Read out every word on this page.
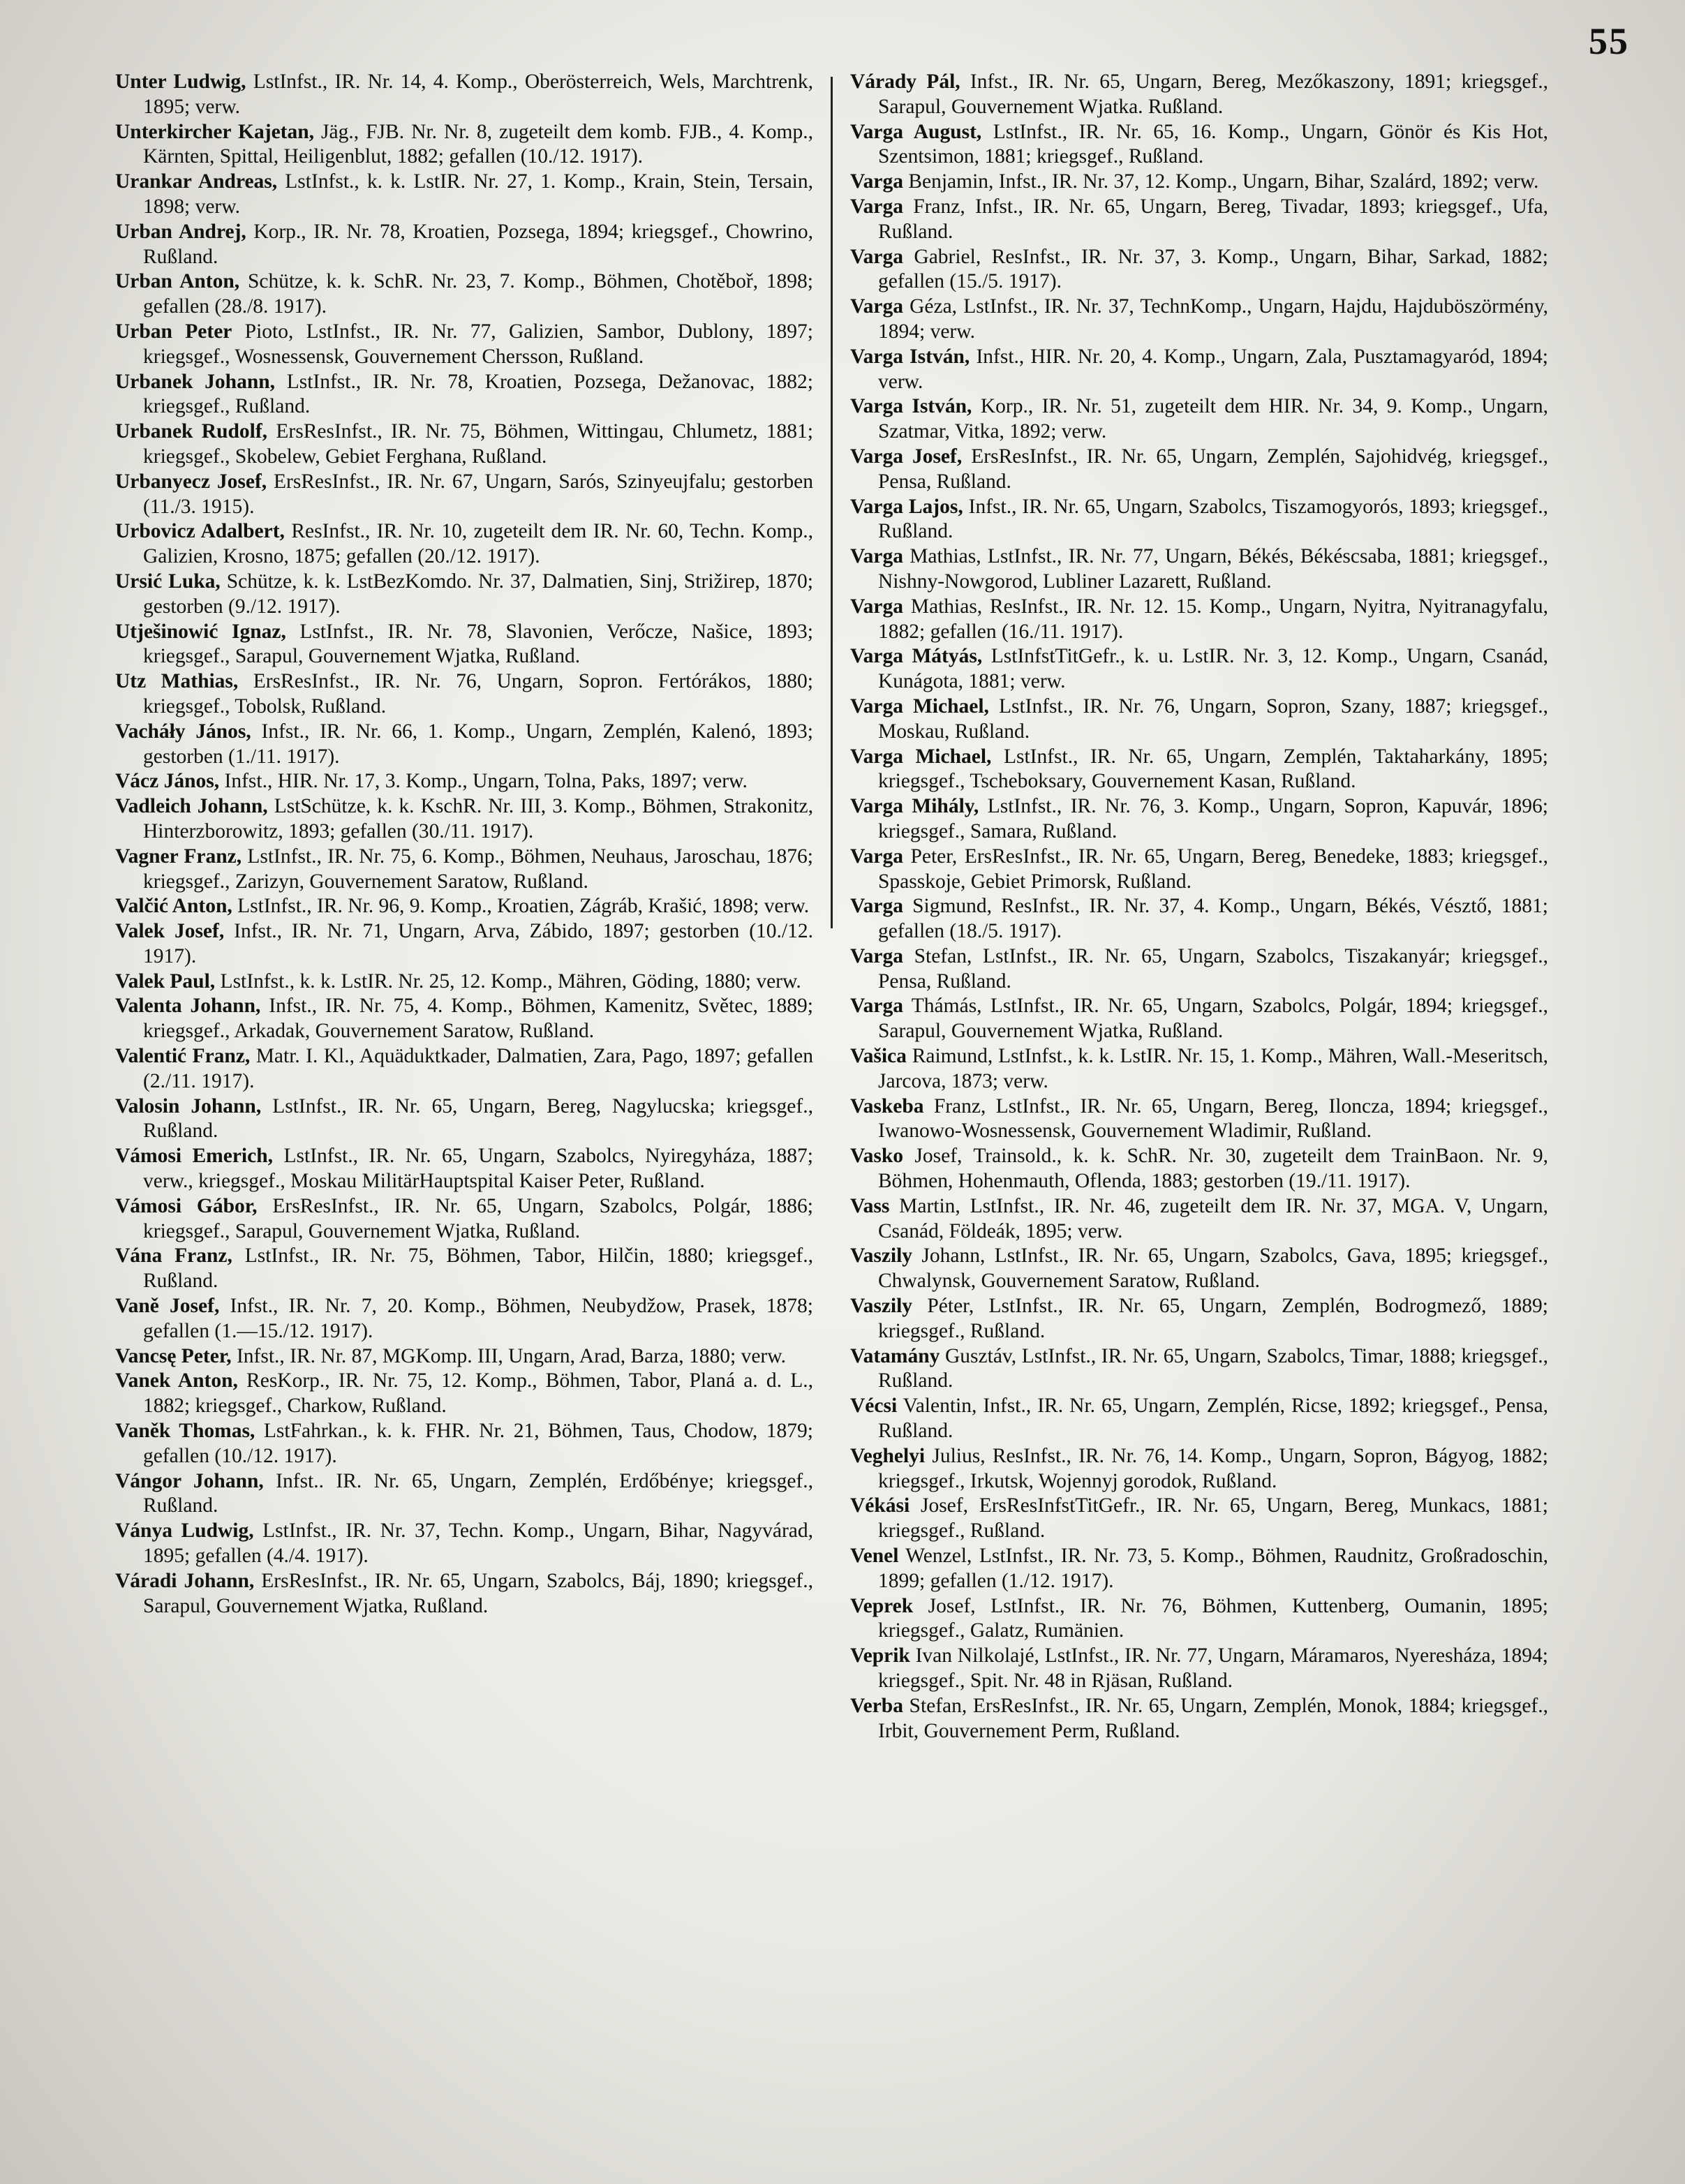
55

Unter Ludwig, LstInfst., IR. Nr. 14, 4. Komp., Oberösterreich, Wels, Marchtrenk, 1895; verw.

Unterkircher Kajetan, Jäg., FJB. Nr. Nr. 8, zugeteilt dem komb. FJB., 4. Komp., Kärnten, Spittal, Heiligenblut, 1882; gefallen (10./12. 1917).

Urankar Andreas, LstInfst., k. k. LstIR. Nr. 27, 1. Komp., Krain, Stein, Tersain, 1898; verw.

Urban Andrej, Korp., IR. Nr. 78, Kroatien, Pozsega, 1894; kriegsgef., Chowrino, Rußland.

Urban Anton, Schütze, k. k. SchR. Nr. 23, 7. Komp., Böhmen, Chotěboř, 1898; gefallen (28./8. 1917).

Urban Peter Pioto, LstInfst., IR. Nr. 77, Galizien, Sambor, Dublony, 1897; kriegsgef., Wosnessensk, Gouvernement Chersson, Rußland.

Urbanek Johann, LstInfst., IR. Nr. 78, Kroatien, Pozsega, Dežanovac, 1882; kriegsgef., Rußland.

Urbanek Rudolf, ErsResInfst., IR. Nr. 75, Böhmen, Wittingau, Chlumetz, 1881; kriegsgef., Skobelew, Gebiet Ferghana, Rußland.

Urbanyecz Josef, ErsResInfst., IR. Nr. 67, Ungarn, Sarós, Szinyeujfalu; gestorben (11./3. 1915).

Urbovicz Adalbert, ResInfst., IR. Nr. 10, zugeteilt dem IR. Nr. 60, Techn. Komp., Galizien, Krosno, 1875; gefallen (20./12. 1917).

Ursić Luka, Schütze, k. k. LstBezKomdo. Nr. 37, Dalmatien, Sinj, Strižirep, 1870; gestorben (9./12. 1917).

Utješinowić Ignaz, LstInfst., IR. Nr. 78, Slavonien, Verőcze, Našice, 1893; kriegsgef., Sarapul, Gouvernement Wjatka, Rußland.

Utz Mathias, ErsResInfst., IR. Nr. 76, Ungarn, Sopron. Fertórákos, 1880; kriegsgef., Tobolsk, Rußland.

Vacháły János, Infst., IR. Nr. 66, 1. Komp., Ungarn, Zemplén, Kalenó, 1893; gestorben (1./11. 1917).

Vácz János, Infst., HIR. Nr. 17, 3. Komp., Ungarn, Tolna, Paks, 1897; verw.

Vadleich Johann, LstSchütze, k. k. KschR. Nr. III, 3. Komp., Böhmen, Strakonitz, Hinterzborowitz, 1893; gefallen (30./11. 1917).

Vagner Franz, LstInfst., IR. Nr. 75, 6. Komp., Böhmen, Neuhaus, Jaroschau, 1876; kriegsgef., Zarizyn, Gouvernement Saratow, Rußland.

Valčić Anton, LstInfst., IR. Nr. 96, 9. Komp., Kroatien, Zágráb, Krašić, 1898; verw.

Valek Josef, Infst., IR. Nr. 71, Ungarn, Arva, Zábido, 1897; gestorben (10./12. 1917).

Valek Paul, LstInfst., k. k. LstIR. Nr. 25, 12. Komp., Mähren, Göding, 1880; verw.

Valenta Johann, Infst., IR. Nr. 75, 4. Komp., Böhmen, Kamenitz, Světec, 1889; kriegsgef., Arkadak, Gouvernement Saratow, Rußland.

Valentić Franz, Matr. I. Kl., Aquäduktkader, Dalmatien, Zara, Pago, 1897; gefallen (2./11. 1917).

Valosin Johann, LstInfst., IR. Nr. 65, Ungarn, Bereg, Nagylucska; kriegsgef., Rußland.

Vámosi Emerich, LstInfst., IR. Nr. 65, Ungarn, Szabolcs, Nyiregyháza, 1887; verw., kriegsgef., Moskau MilitärHauptspital Kaiser Peter, Rußland.

Vámosi Gábor, ErsResInfst., IR. Nr. 65, Ungarn, Szabolcs, Polgár, 1886; kriegsgef., Sarapul, Gouvernement Wjatka, Rußland.

Vána Franz, LstInfst., IR. Nr. 75, Böhmen, Tabor, Hilčin, 1880; kriegsgef., Rußland.

Vaně Josef, Infst., IR. Nr. 7, 20. Komp., Böhmen, Neubydžow, Prasek, 1878; gefallen (1.—15./12. 1917).

Vancsę Peter, Infst., IR. Nr. 87, MGKomp. III, Ungarn, Arad, Barza, 1880; verw.

Vanek Anton, ResKorp., IR. Nr. 75, 12. Komp., Böhmen, Tabor, Planá a. d. L., 1882; kriegsgef., Charkow, Rußland.

Vaněk Thomas, LstFahrkan., k. k. FHR. Nr. 21, Böhmen, Taus, Chodow, 1879; gefallen (10./12. 1917).

Vángor Johann, Infst.. IR. Nr. 65, Ungarn, Zemplén, Erdőbénye; kriegsgef., Rußland.

Ványa Ludwig, LstInfst., IR. Nr. 37, Techn. Komp., Ungarn, Bihar, Nagyvárad, 1895; gefallen (4./4. 1917).

Váradi Johann, ErsResInfst., IR. Nr. 65, Ungarn, Szabolcs, Báj, 1890; kriegsgef., Sarapul, Gouvernement Wjatka, Rußland.

Várady Pál, Infst., IR. Nr. 65, Ungarn, Bereg, Mezőkaszony, 1891; kriegsgef., Sarapul, Gouvernement Wjatka. Rußland.

Varga August, LstInfst., IR. Nr. 65, 16. Komp., Ungarn, Gönör és Kis Hot, Szentsimon, 1881; kriegsgef., Rußland.

Varga Benjamin, Infst., IR. Nr. 37, 12. Komp., Ungarn, Bihar, Szalárd, 1892; verw.

Varga Franz, Infst., IR. Nr. 65, Ungarn, Bereg, Tivadar, 1893; kriegsgef., Ufa, Rußland.

Varga Gabriel, ResInfst., IR. Nr. 37, 3. Komp., Ungarn, Bihar, Sarkad, 1882; gefallen (15./5. 1917).

Varga Géza, LstInfst., IR. Nr. 37, TechnKomp., Ungarn, Hajdu, Hajduböszörmény, 1894; verw.

Varga István, Infst., HIR. Nr. 20, 4. Komp., Ungarn, Zala, Pusztamagyaród, 1894; verw.

Varga István, Korp., IR. Nr. 51, zugeteilt dem HIR. Nr. 34, 9. Komp., Ungarn, Szatmar, Vitka, 1892; verw.

Varga Josef, ErsResInfst., IR. Nr. 65, Ungarn, Zemplén, Sajohidvég, kriegsgef., Pensa, Rußland.

Varga Lajos, Infst., IR. Nr. 65, Ungarn, Szabolcs, Tiszamogyorós, 1893; kriegsgef., Rußland.

Varga Mathias, LstInfst., IR. Nr. 77, Ungarn, Békés, Békéscsaba, 1881; kriegsgef., Nishny-Nowgorod, Lubliner Lazarett, Rußland.

Varga Mathias, ResInfst., IR. Nr. 12. 15. Komp., Ungarn, Nyitra, Nyitranagyfalu, 1882; gefallen (16./11. 1917).

Varga Mátyás, LstInfstTitGefr., k. u. LstIR. Nr. 3, 12. Komp., Ungarn, Csanád, Kunágota, 1881; verw.

Varga Michael, LstInfst., IR. Nr. 76, Ungarn, Sopron, Szany, 1887; kriegsgef., Moskau, Rußland.

Varga Michael, LstInfst., IR. Nr. 65, Ungarn, Zemplén, Taktaharkány, 1895; kriegsgef., Tscheboksary, Gouvernement Kasan, Rußland.

Varga Mihály, LstInfst., IR. Nr. 76, 3. Komp., Ungarn, Sopron, Kapuvár, 1896; kriegsgef., Samara, Rußland.

Varga Peter, ErsResInfst., IR. Nr. 65, Ungarn, Bereg, Benedeke, 1883; kriegsgef., Spasskoje, Gebiet Primorsk, Rußland.

Varga Sigmund, ResInfst., IR. Nr. 37, 4. Komp., Ungarn, Békés, Vésztő, 1881; gefallen (18./5. 1917).

Varga Stefan, LstInfst., IR. Nr. 65, Ungarn, Szabolcs, Tiszakanyár; kriegsgef., Pensa, Rußland.

Varga Thámás, LstInfst., IR. Nr. 65, Ungarn, Szabolcs, Polgár, 1894; kriegsgef., Sarapul, Gouvernement Wjatka, Rußland.

Vašica Raimund, LstInfst., k. k. LstIR. Nr. 15, 1. Komp., Mähren, Wall.-Meseritsch, Jarcova, 1873; verw.

Vaskeba Franz, LstInfst., IR. Nr. 65, Ungarn, Bereg, Iloncza, 1894; kriegsgef., Iwanowo-Wosnessensk, Gouvernement Wladimir, Rußland.

Vasko Josef, Trainsold., k. k. SchR. Nr. 30, zugeteilt dem TrainBaon. Nr. 9, Böhmen, Hohenmauth, Oflenda, 1883; gestorben (19./11. 1917).

Vass Martin, LstInfst., IR. Nr. 46, zugeteilt dem IR. Nr. 37, MGA. V, Ungarn, Csanád, Földeák, 1895; verw.

Vaszily Johann, LstInfst., IR. Nr. 65, Ungarn, Szabolcs, Gava, 1895; kriegsgef., Chwalynsk, Gouvernement Saratow, Rußland.

Vaszily Péter, LstInfst., IR. Nr. 65, Ungarn, Zemplén, Bodrogmező, 1889; kriegsgef., Rußland.

Vatamány Gusztáv, LstInfst., IR. Nr. 65, Ungarn, Szabolcs, Timar, 1888; kriegsgef., Rußland.

Vécsi Valentin, Infst., IR. Nr. 65, Ungarn, Zemplén, Ricse, 1892; kriegsgef., Pensa, Rußland.

Veghelyi Julius, ResInfst., IR. Nr. 76, 14. Komp., Ungarn, Sopron, Bágyog, 1882; kriegsgef., Irkutsk, Wojennyj gorodok, Rußland.

Vékási Josef, ErsResInfstTitGefr., IR. Nr. 65, Ungarn, Bereg, Munkacs, 1881; kriegsgef., Rußland.

Venel Wenzel, LstInfst., IR. Nr. 73, 5. Komp., Böhmen, Raudnitz, Großradoschin, 1899; gefallen (1./12. 1917).

Veprek Josef, LstInfst., IR. Nr. 76, Böhmen, Kuttenberg, Oumanin, 1895; kriegsgef., Galatz, Rumänien.

Veprik Ivan Nilkolajé, LstInfst., IR. Nr. 77, Ungarn, Máramaros, Nyeresháza, 1894; kriegsgef., Spit. Nr. 48 in Rjäsan, Rußland.

Verba Stefan, ErsResInfst., IR. Nr. 65, Ungarn, Zemplén, Monok, 1884; kriegsgef., Irbit, Gouvernement Perm, Rußland.
